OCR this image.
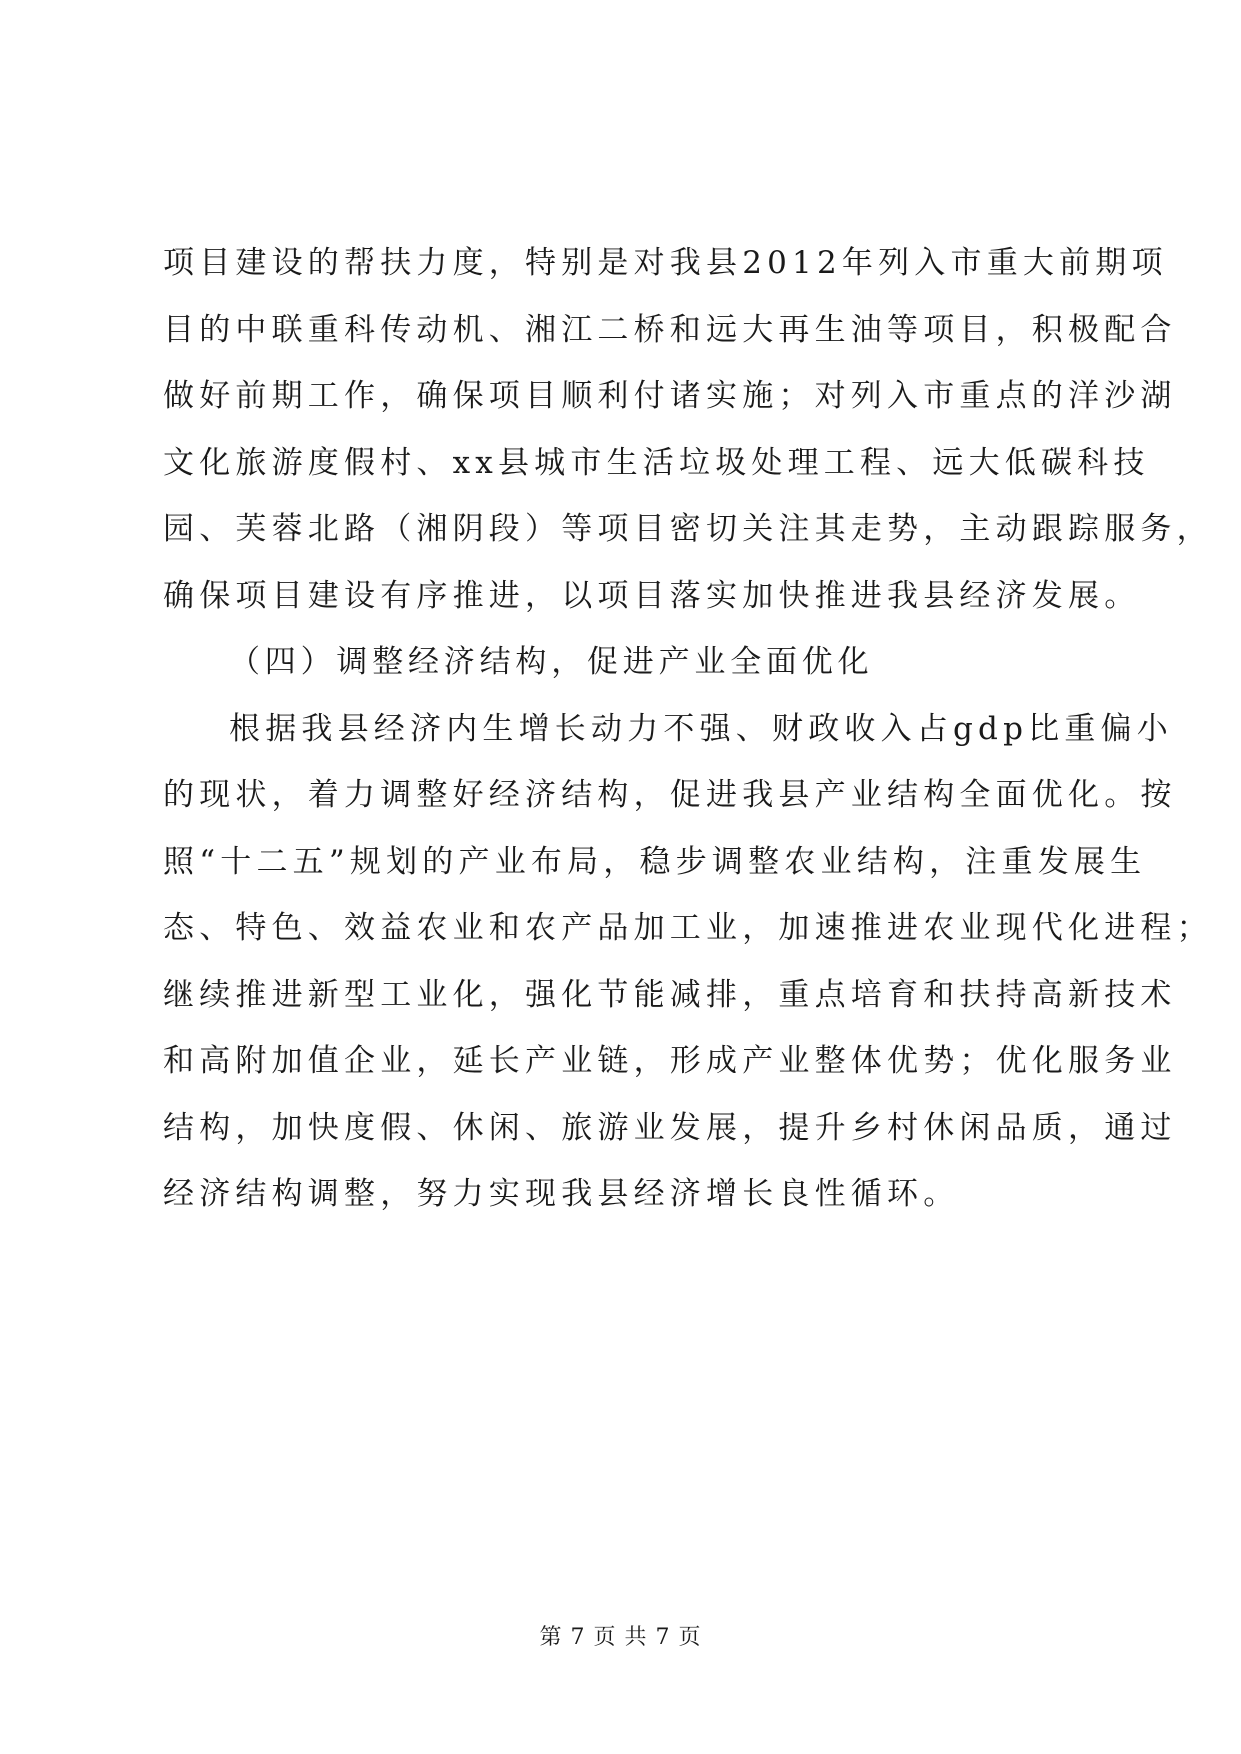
项目建设的帮扶力度，特别是对我县2012年列入市重大前期项
目的中联重科传动机、湘江二桥和远大再生油等项目，积极配合
做好前期工作，确保项目顺利付诸实施；对列入市重点的洋沙湖
文化旅游度假村、xx县城市生活垃圾处理工程、远大低碳科技
园、芙蓉北路（湘阴段）等项目密切关注其走势，主动跟踪服务，
确保项目建设有序推进，以项目落实加快推进我县经济发展。
（四）调整经济结构，促进产业全面优化
根据我县经济内生增长动力不强、财政收入占gdp比重偏小
的现状，着力调整好经济结构，促进我县产业结构全面优化。按
照“十二五”规划的产业布局，稳步调整农业结构，注重发展生
态、特色、效益农业和农产品加工业，加速推进农业现代化进程；
继续推进新型工业化，强化节能减排，重点培育和扶持高新技术
和高附加值企业，延长产业链，形成产业整体优势；优化服务业
结构，加快度假、休闲、旅游业发展，提升乡村休闲品质，通过
经济结构调整，努力实现我县经济增长良性循环。
第 7 页 共 7 页
